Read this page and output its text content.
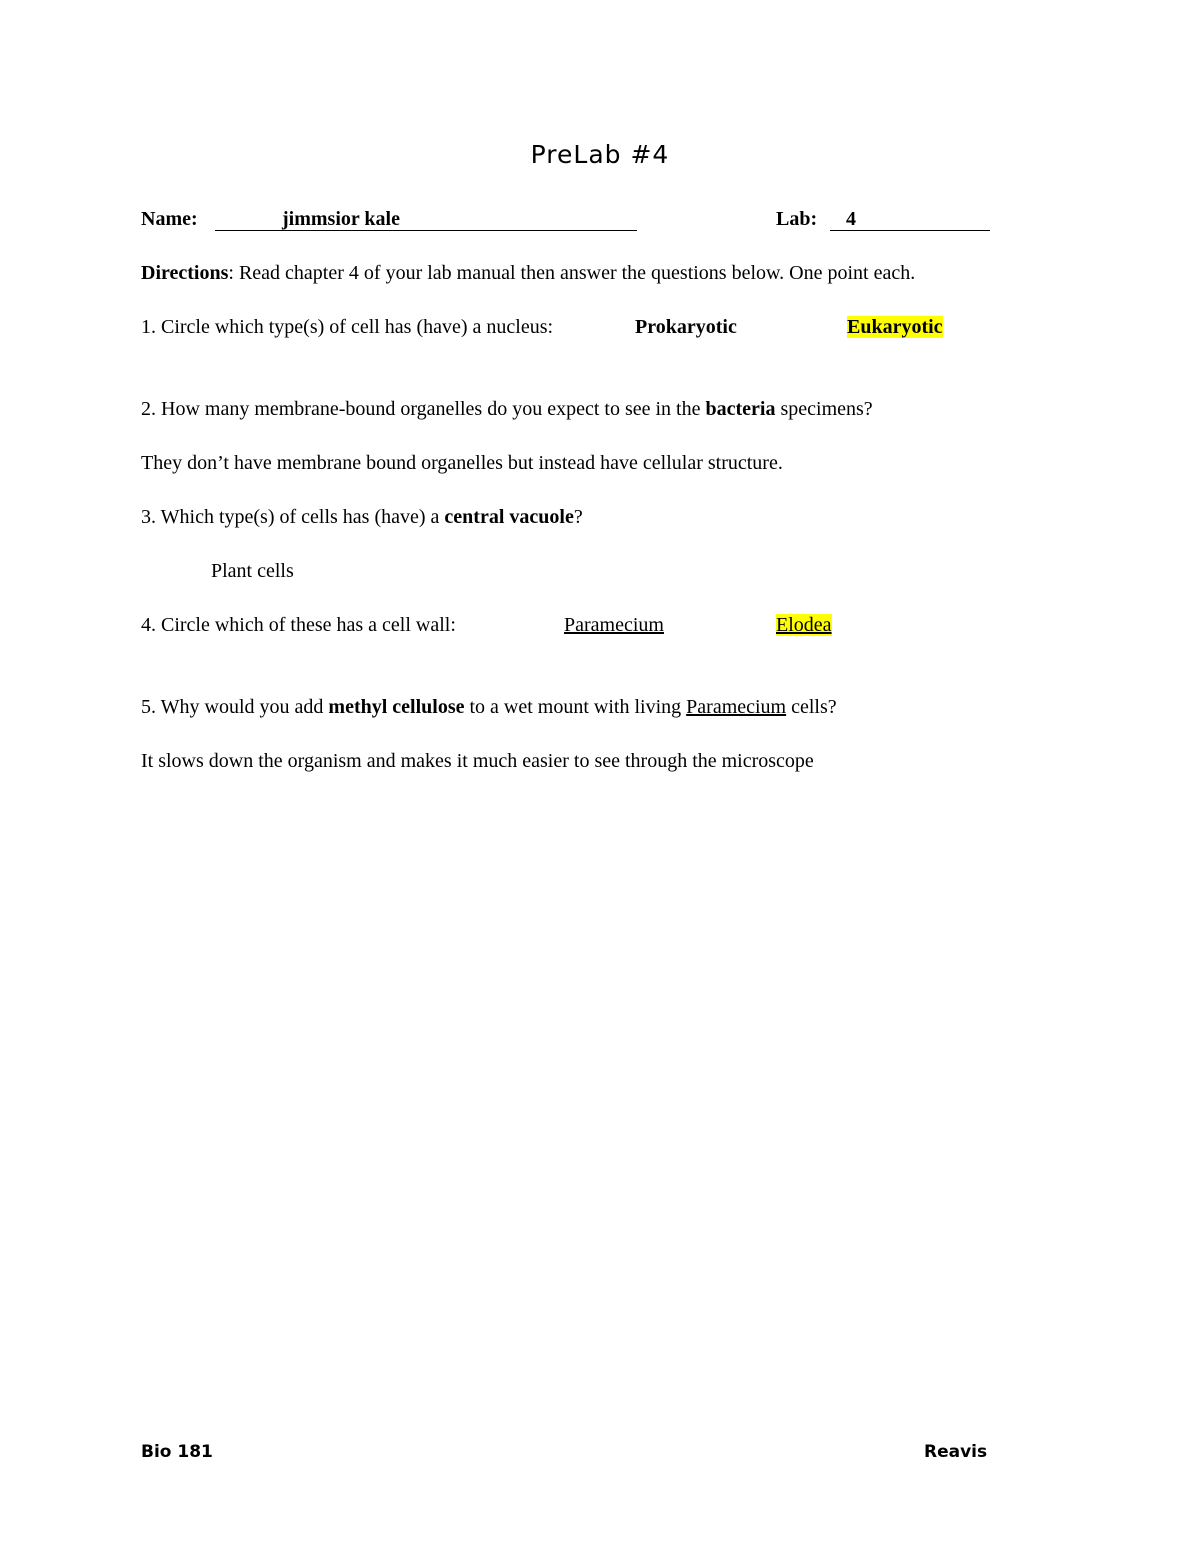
PreLab #4
Name:	jimmsior kale	Lab:	4
Directions: Read chapter 4 of your lab manual then answer the questions below. One point each.
1. Circle which type(s) of cell has (have) a nucleus:	Prokaryotic	Eukaryotic
2. How many membrane-bound organelles do you expect to see in the bacteria specimens?
They don’t have membrane bound organelles but instead have cellular structure.
3. Which type(s) of cells has (have) a central vacuole?
Plant cells
4. Circle which of these has a cell wall:	Paramecium	Elodea
5. Why would you add methyl cellulose to a wet mount with living Paramecium cells?
It slows down the organism and makes it much easier to see through the microscope
Bio 181	Reavis
